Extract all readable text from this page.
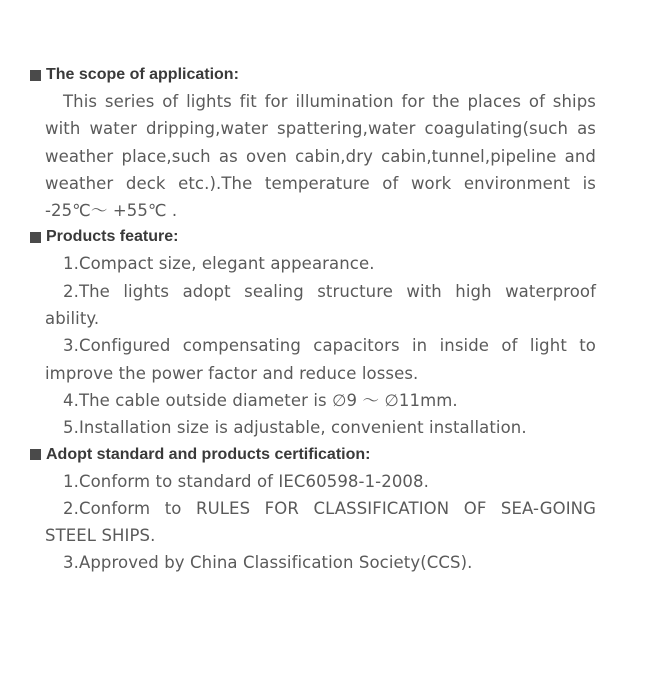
The scope of application:

This series of lights fit for illumination for the places of ships with water dripping,water spattering,water coagulating(such as weather place,such as oven cabin,dry cabin,tunnel,pipeline and weather deck etc.).The temperature of work environment is -25℃～ +55℃ .

Products feature:

1.Compact size, elegant appearance.

2.The lights adopt sealing structure with high waterproof ability.

3.Configured compensating capacitors in inside of light to improve the power factor and reduce losses.

4.The cable outside diameter is ∅9 ～ ∅11mm.

5.Installation size is adjustable, convenient installation.

Adopt standard and products certification:

1.Conform to standard of IEC60598-1-2008.

2.Conform to RULES FOR CLASSIFICATION OF SEA-GOING STEEL SHIPS.

3.Approved by China Classification Society(CCS).
